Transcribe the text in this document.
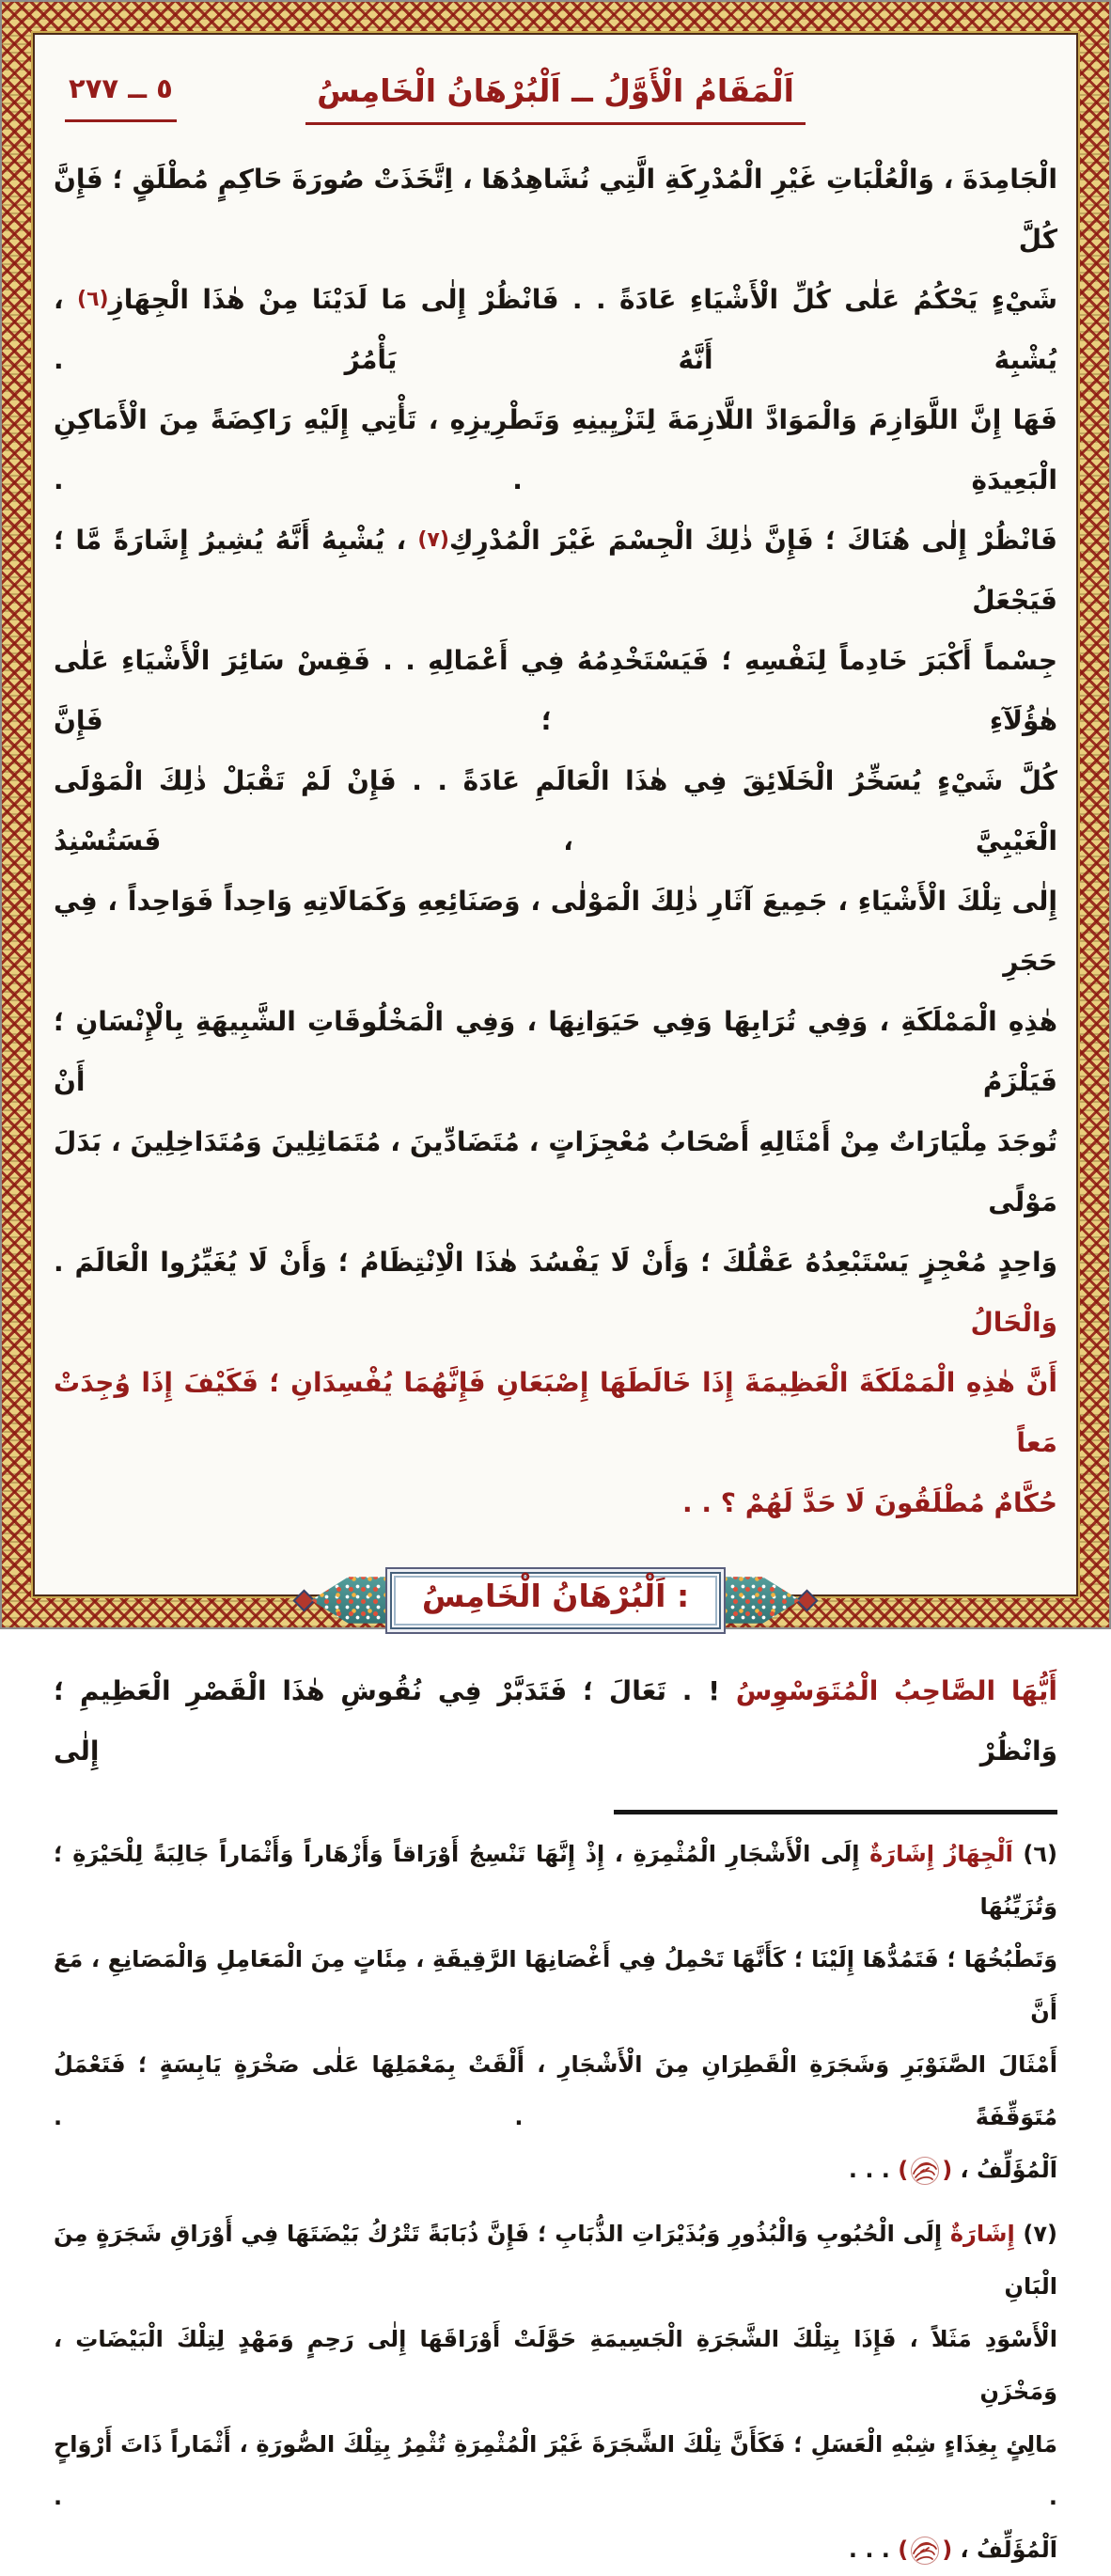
٥ ــ ٢٧٧	اَلْمَقَامُ الْأَوَّلُ ــ اَلْبُرْهَانُ الْخَامِسُ
الْجَامِدَةَ ، وَالْعُلْبَاتِ غَيْرِ الْمُدْرِكَةِ الَّتِي نُشَاهِدُهَا ، اِتَّخَذَتْ صُورَةَ حَاكِمٍ مُطْلَقٍ ؛ فَإِنَّ كُلَّ
شَيْءٍ يَحْكُمُ عَلٰى كُلِّ الْأَشْيَاءِ عَادَةً . . فَانْظُرْ إِلٰى مَا لَدَيْنَا مِنْ هٰذَا الْجِهَازِ(٦) ، يُشْبِهُ أَنَّهُ يَأْمُرُ .
فَهَا إِنَّ اللَّوَازِمَ وَالْمَوَادَّ اللَّازِمَةَ لِتَزْيِينِهِ وَتَطْرِيزِهِ ، تَأْتِي إِلَيْهِ رَاكِضَةً مِنَ الْأَمَاكِنِ الْبَعِيدَةِ . .
فَانْظُرْ إِلٰى هُنَاكَ ؛ فَإِنَّ ذٰلِكَ الْجِسْمَ غَيْرَ الْمُدْرِكِ(٧) ، يُشْبِهُ أَنَّهُ يُشِيرُ إِشَارَةً مَّا ؛ فَيَجْعَلُ
جِسْماً أَكْبَرَ خَادِماً لِنَفْسِهِ ؛ فَيَسْتَخْدِمُهُ فِي أَعْمَالِهِ . . فَقِسْ سَائِرَ الْأَشْيَاءِ عَلٰى هٰؤُلَآءِ ؛ فَإِنَّ
كُلَّ شَيْءٍ يُسَخِّرُ الْخَلَائِقَ فِي هٰذَا الْعَالَمِ عَادَةً . . فَإِنْ لَمْ تَقْبَلْ ذٰلِكَ الْمَوْلَى الْغَيْبِيَّ ، فَسَتُسْنِدُ
إِلٰى تِلْكَ الْأَشْيَاءِ ، جَمِيعَ آثَارِ ذٰلِكَ الْمَوْلٰى ، وَصَنَائِعِهِ وَكَمَالَاتِهِ وَاحِداً فَوَاحِداً ، فِي حَجَرِ
هٰذِهِ الْمَمْلَكَةِ ، وَفِي تُرَابِهَا وَفِي حَيَوَانِهَا ، وَفِي الْمَخْلُوقَاتِ الشَّبِيهَةِ بِالْإِنْسَانِ ؛ فَيَلْزَمُ أَنْ
تُوجَدَ مِلْيَارَاتٌ مِنْ أَمْثَالِهِ أَصْحَابُ مُعْجِزَاتٍ ، مُتَضَادِّينَ ، مُتَمَاثِلِينَ وَمُتَدَاخِلِينَ ، بَدَلَ مَوْلًى
وَاحِدٍ مُعْجِزٍ يَسْتَبْعِدُهُ عَقْلُكَ ؛ وَأَنْ لَا يَفْسُدَ هٰذَا الْاِنْتِظَامُ ؛ وَأَنْ لَا يُغَيِّرُوا الْعَالَمَ . وَالْحَالُ
أَنَّ هٰذِهِ الْمَمْلَكَةَ الْعَظِيمَةَ إِذَا خَالَطَهَا إِصْبَعَانِ فَإِنَّهُمَا يُفْسِدَانِ ؛ فَكَيْفَ إِذَا وُجِدَتْ مَعاً
حُكَّامٌ مُطْلَقُونَ لَا حَدَّ لَهُمْ ؟ . .
اَلْبُرْهَانُ الْخَامِسُ :
أَيُّهَا الصَّاحِبُ الْمُتَوَسْوِسُ ! . تَعَالَ ؛ فَتَدَبَّرْ فِي نُقُوشِ هٰذَا الْقَصْرِ الْعَظِيمِ ؛ وَانْظُرْ إِلٰى
(٦) اَلْجِهَازُ إِشَارَةٌ إِلَى الْأَشْجَارِ الْمُثْمِرَةِ ، إِذْ إِنَّهَا تَنْسِجُ أَوْرَاقاً وَأَزْهَاراً وَأَثْمَاراً جَالِبَةً لِلْحَيْرَةِ ؛ وَتُزَيِّنُهَا
وَتَطْبُخُهَا ؛ فَتَمُدُّهَا إِلَيْنَا ؛ كَأَنَّهَا تَحْمِلُ فِي أَغْصَانِهَا الرَّقِيقَةِ ، مِئَاتٍ مِنَ الْمَعَامِلِ وَالْمَصَانِعِ ، مَعَ أَنَّ
أَمْثَالَ الصَّنَوْبَرِ وَشَجَرَةِ الْقَطِرَانِ مِنَ الْأَشْجَارِ ، أَلْقَتْ بِمَعْمَلِهَا عَلٰى صَخْرَةٍ يَابِسَةٍ ؛ فَتَعْمَلُ مُتَوَقِّفَةً . .
اَلْمُؤَلِّفُ ، () . . .
(٧) إِشَارَةٌ إِلَى الْحُبُوبِ وَالْبُذُورِ وَبُذَيْرَاتِ الذُّبَابِ ؛ فَإِنَّ ذُبَابَةً تَتْرُكُ بَيْضَتَهَا فِي أَوْرَاقِ شَجَرَةٍ مِنَ الْبَانِ
الْأَسْوَدِ مَثَلاً ، فَإِذَا بِتِلْكَ الشَّجَرَةِ الْجَسِيمَةِ حَوَّلَتْ أَوْرَاقَهَا إِلٰى رَحِمٍ وَمَهْدٍ لِتِلْكَ الْبَيْضَاتِ ، وَمَخْزَنِ
مَالِئٍ بِغِذَاءٍ شِبْهِ الْعَسَلِ ؛ فَكَأَنَّ تِلْكَ الشَّجَرَةَ غَيْرَ الْمُثْمِرَةِ تُثْمِرُ بِتِلْكَ الصُّورَةِ ، أَثْمَاراً ذَاتَ أَرْوَاحٍ . .
اَلْمُؤَلِّفُ ، () . . .
